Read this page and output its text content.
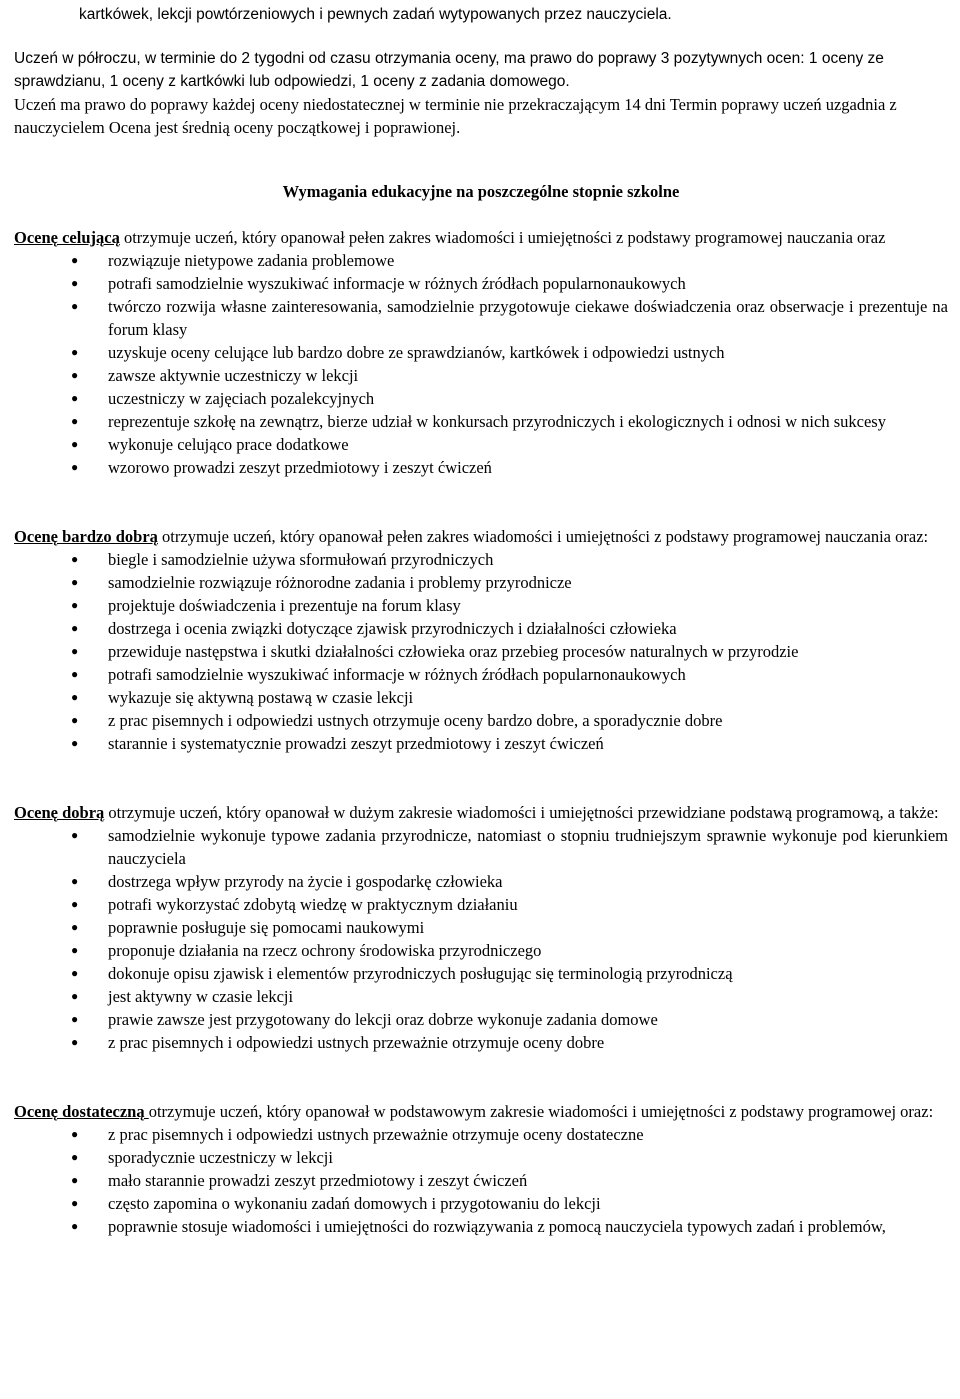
kartkówek, lekcji powtórzeniowych i pewnych zadań wytypowanych przez nauczyciela.

Uczeń w półroczu, w terminie do 2 tygodni od czasu otrzymania oceny, ma prawo do poprawy 3 pozytywnych ocen: 1 oceny ze sprawdzianu, 1 oceny z kartkówki lub odpowiedzi, 1 oceny z zadania domowego.

Uczeń ma prawo do poprawy każdej oceny niedostatecznej w terminie nie przekraczającym 14 dni Termin poprawy uczeń uzgadnia z nauczycielem Ocena jest średnią oceny początkowej i poprawionej.

Wymagania edukacyjne na poszczególne stopnie szkolne

Ocenę celującą otrzymuje uczeń, który opanował pełen zakres wiadomości i umiejętności z podstawy programowej nauczania oraz

● rozwiązuje nietypowe zadania problemowe
● potrafi samodzielnie wyszukiwać informacje w różnych źródłach popularnonaukowych
● twórczo rozwija własne zainteresowania, samodzielnie przygotowuje ciekawe doświadczenia oraz obserwacje i prezentuje na forum klasy
● uzyskuje oceny celujące lub bardzo dobre ze sprawdzianów, kartkówek i odpowiedzi ustnych
● zawsze aktywnie uczestniczy w lekcji
● uczestniczy w zajęciach pozalekcyjnych
● reprezentuje szkołę na zewnątrz, bierze udział w konkursach przyrodniczych i ekologicznych i odnosi w nich sukcesy
● wykonuje celująco prace dodatkowe
● wzorowo prowadzi zeszyt przedmiotowy i zeszyt ćwiczeń

Ocenę bardzo dobrą otrzymuje uczeń, który opanował pełen zakres wiadomości i umiejętności z podstawy programowej nauczania oraz:

● biegle i samodzielnie używa sformułowań przyrodniczych
● samodzielnie rozwiązuje różnorodne zadania i problemy przyrodnicze
● projektuje doświadczenia i prezentuje na forum klasy
● dostrzega i ocenia związki dotyczące zjawisk przyrodniczych i działalności człowieka
● przewiduje następstwa i skutki działalności człowieka oraz przebieg procesów naturalnych w przyrodzie
● potrafi samodzielnie wyszukiwać informacje w różnych źródłach popularnonaukowych
● wykazuje się aktywną postawą w czasie lekcji
● z prac pisemnych i odpowiedzi ustnych otrzymuje oceny bardzo dobre, a sporadycznie dobre
● starannie i systematycznie prowadzi zeszyt przedmiotowy i zeszyt ćwiczeń

Ocenę dobrą otrzymuje uczeń, który opanował w dużym zakresie wiadomości i umiejętności przewidziane podstawą programową, a także:

● samodzielnie wykonuje typowe zadania przyrodnicze, natomiast o stopniu trudniejszym sprawnie wykonuje pod kierunkiem nauczyciela
● dostrzega wpływ przyrody na życie i gospodarkę człowieka
● potrafi wykorzystać zdobytą wiedzę w praktycznym działaniu
● poprawnie posługuje się pomocami naukowymi
● proponuje działania na rzecz ochrony środowiska przyrodniczego
● dokonuje opisu zjawisk i elementów przyrodniczych posługując się terminologią przyrodniczą
● jest aktywny w czasie lekcji
● prawie zawsze jest przygotowany do lekcji oraz dobrze wykonuje zadania domowe
● z prac pisemnych i odpowiedzi ustnych przeważnie otrzymuje oceny dobre

Ocenę dostateczną otrzymuje uczeń, który opanował w podstawowym zakresie wiadomości i umiejętności z podstawy programowej oraz:

● z prac pisemnych i odpowiedzi ustnych przeważnie otrzymuje oceny dostateczne
● sporadycznie uczestniczy w lekcji
● mało starannie prowadzi zeszyt przedmiotowy i zeszyt ćwiczeń
● często zapomina o wykonaniu zadań domowych i przygotowaniu do lekcji
● poprawnie stosuje wiadomości i umiejętności do rozwiązywania z pomocą nauczyciela typowych zadań i problemów,
